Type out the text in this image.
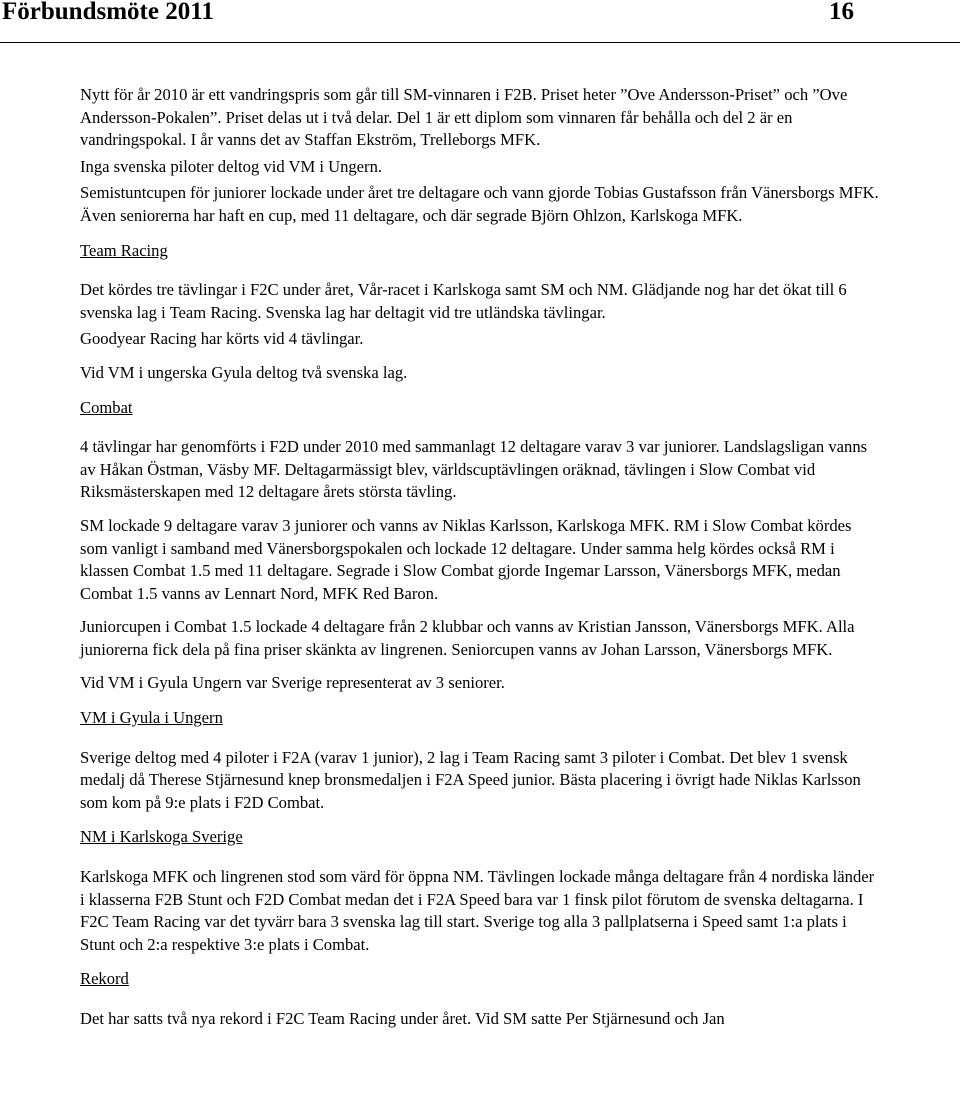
Förbundsmöte 2011	16

Nytt för år 2010 är ett vandringspris som går till SM-vinnaren i F2B. Priset heter ”Ove Andersson-Priset” och ”Ove Andersson-Pokalen”. Priset delas ut i två delar. Del 1 är ett diplom som vinnaren får behålla och del 2 är en vandringspokal. I år vanns det av Staffan Ekström, Trelleborgs MFK.

Inga svenska piloter deltog vid VM i Ungern.

Semistuntcupen för juniorer lockade under året tre deltagare och vann gjorde Tobias Gustafsson från Vänersborgs MFK. Även seniorerna har haft en cup, med 11 deltagare, och där segrade Björn Ohlzon, Karlskoga MFK.

Team Racing

Det kördes tre tävlingar i F2C under året, Vår-racet i Karlskoga samt SM och NM. Glädjande nog har det ökat till 6 svenska lag i Team Racing. Svenska lag har deltagit vid tre utländska tävlingar.

Goodyear Racing har körts vid 4 tävlingar.

Vid VM i ungerska Gyula deltog två svenska lag.

Combat

4 tävlingar har genomförts i F2D under 2010 med sammanlagt 12 deltagare varav 3 var juniorer. Landslagsligan vanns av Håkan Östman, Väsby MF. Deltagarmässigt blev, världscuptävlingen oräknad, tävlingen i Slow Combat vid Riksmästerskapen med 12 deltagare årets största tävling.

SM lockade 9 deltagare varav 3 juniorer och vanns av Niklas Karlsson, Karlskoga MFK. RM i Slow Combat kördes som vanligt i samband med Vänersborgspokalen och lockade 12 deltagare. Under samma helg kördes också RM i klassen Combat 1.5 med 11 deltagare. Segrade i Slow Combat gjorde Ingemar Larsson, Vänersborgs MFK, medan Combat 1.5 vanns av Lennart Nord, MFK Red Baron.

Juniorcupen i Combat 1.5 lockade 4 deltagare från 2 klubbar och vanns av Kristian Jansson, Vänersborgs MFK. Alla juniorerna fick dela på fina priser skänkta av lingrenen. Seniorcupen vanns av Johan Larsson, Vänersborgs MFK.

Vid VM i Gyula Ungern var Sverige representerat av 3 seniorer.

VM i Gyula i Ungern

Sverige deltog med 4 piloter i F2A (varav 1 junior), 2 lag i Team Racing samt 3 piloter i Combat. Det blev 1 svensk medalj då Therese Stjärnesund knep bronsmedaljen i F2A Speed junior. Bästa placering i övrigt hade Niklas Karlsson som kom på 9:e plats i F2D Combat.

NM i Karlskoga Sverige

Karlskoga MFK och lingrenen stod som värd för öppna NM. Tävlingen lockade många deltagare från 4 nordiska länder i klasserna F2B Stunt och F2D Combat medan det i F2A Speed bara var 1 finsk pilot förutom de svenska deltagarna. I F2C Team Racing var det tyvärr bara 3 svenska lag till start. Sverige tog alla 3 pallplatserna i Speed samt 1:a plats i Stunt och 2:a respektive 3:e plats i Combat.

Rekord

Det har satts två nya rekord i F2C Team Racing under året. Vid SM satte Per Stjärnesund och Jan
